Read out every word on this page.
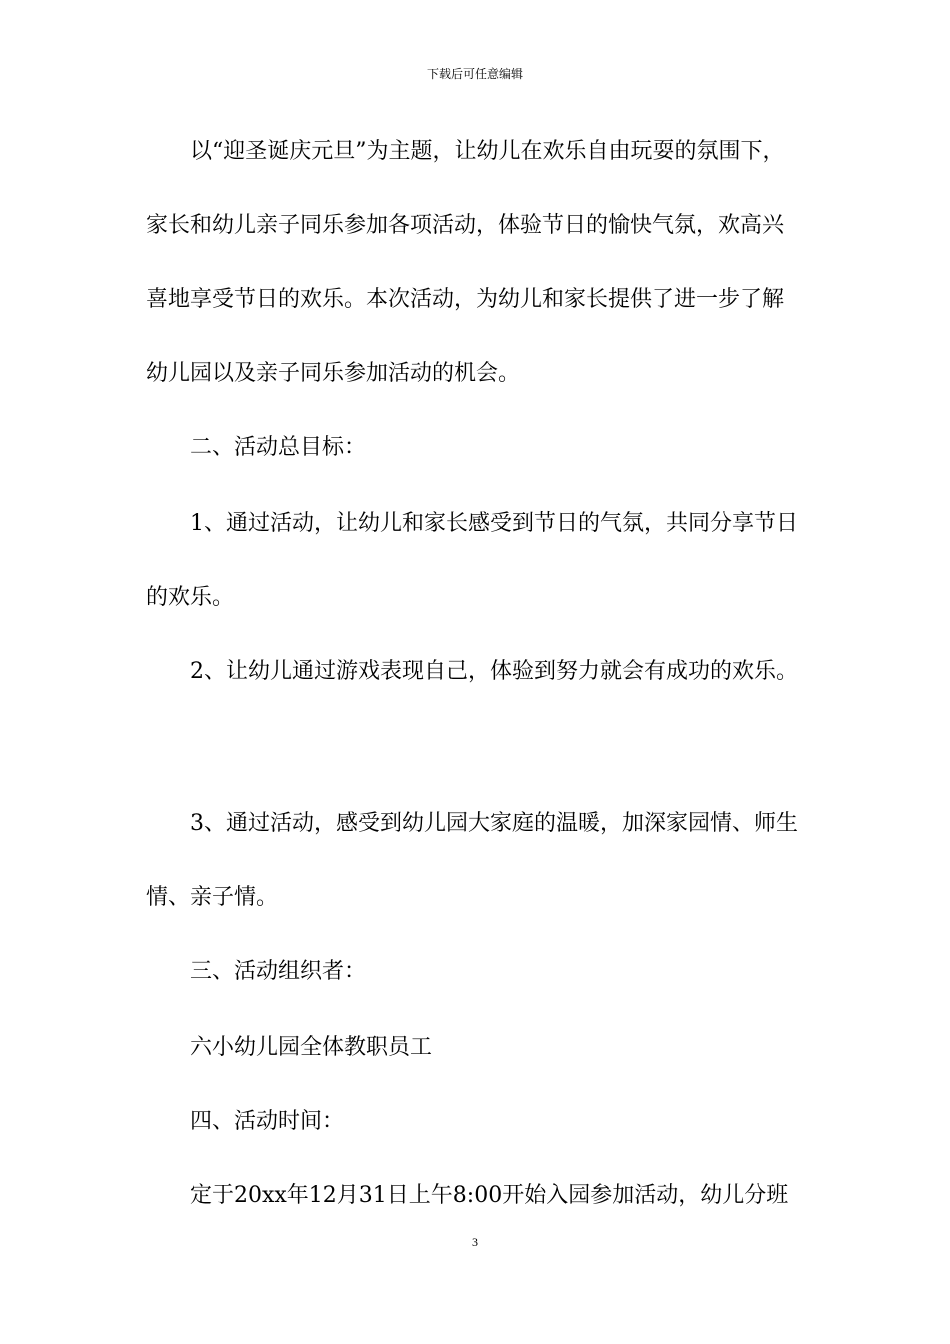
下载后可任意编辑
以“迎圣诞庆元旦”为主题，让幼儿在欢乐自由玩耍的氛围下，
家长和幼儿亲子同乐参加各项活动，体验节日的愉快气氛，欢高兴
喜地享受节日的欢乐。本次活动，为幼儿和家长提供了进一步了解
幼儿园以及亲子同乐参加活动的机会。
二、活动总目标：
1、通过活动，让幼儿和家长感受到节日的气氛，共同分享节日
的欢乐。
2、让幼儿通过游戏表现自己，体验到努力就会有成功的欢乐。
3、通过活动，感受到幼儿园大家庭的温暖，加深家园情、师生
情、亲子情。
三、活动组织者：
六小幼儿园全体教职员工
四、活动时间：
定于20xx年12月31日上午8:00开始入园参加活动，幼儿分班
3
